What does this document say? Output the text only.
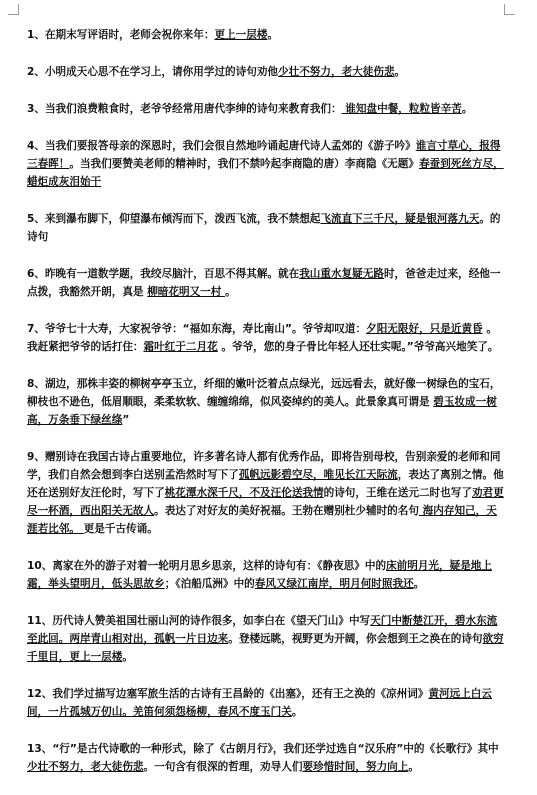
1、在期末写评语时，老师会祝你来年：更上一层楼。

2、小明成天心思不在学习上，请你用学过的诗句劝他少壮不努力，老大徒伤悲。

3、当我们浪费粮食时，老爷爷经常用唐代李绅的诗句来教育我们： 谁知盘中餐，粒粒皆辛苦。

4、当我们要报答母亲的深恩时，我们会很自然地吟诵起唐代诗人孟郊的《游子吟》谁言寸草心，报得三春晖！。当我们要赞美老师的精神时，我们不禁吟起李商隐的唐）李商隐《无题》春蚕到死丝方尽，蜡炬成灰泪始干

5、来到瀑布脚下，仰望瀑布倾泻而下，泼西飞流，我不禁想起飞流直下三千尺，疑是银河落九天。的诗句

6、昨晚有一道数学题，我绞尽脑汁，百思不得其解。就在我山重水复疑无路时，爸爸走过来，经他一点拨，我豁然开朗，真是 柳暗花明又一村 。

7、爷爷七十大寿，大家祝爷爷：“福如东海，寿比南山”。爷爷却叹道：夕阳无限好，只是近黄昏 。我赶紧把爷爷的话打住：霜叶红于二月花 。爷爷，您的身子骨比年轻人还壮实呢。”爷爷高兴地笑了。

8、湖边，那株丰姿的柳树亭亭玉立，纤细的嫩叶泛着点点绿光，远远看去，就好像一树绿色的宝石，柳枝也不逊色，低眉顺眼，柔柔软软、缠缠绵绵，似风姿绰约的美人。此景象真可谓是 碧玉妆成一树高，万条垂下绿丝绦”

9、赠别诗在我国古诗占重要地位，许多著名诗人都有优秀作品，即将告别母校，告别亲爱的老师和同学，我们自然会想到李白送别孟浩然时写下了孤帆远影碧空尽，唯见长江天际流，表达了离别之情。他还在送别好友汪伦时，写下了桃花潭水深千尺，不及汪伦送我情的诗句，王维在送元二时也写了劝君更尽一杯酒，西出阳关无故人。表达了对好友的美好祝福。王勃在赠别杜少辅时的名句 海内存知己，天涯若比邻。 更是千古传诵。

10、离家在外的游子对着一轮明月思乡思亲，这样的诗句有：《静夜思》中的床前明月光，疑是地上霜，举头望明月，低头思故乡；《泊船瓜洲》中的春风又绿江南岸，明月何时照我还。

11、历代诗人赞美祖国壮丽山河的诗作很多，如李白在《望天门山》中写天门中断楚江开，碧水东流至此回。两岸青山相对出，孤帆一片日边来。登楼远眺，视野更为开阔，你会想到王之涣在的诗句欲穷千里目，更上一层楼。

12、我们学过描写边塞军旅生活的古诗有王昌龄的《出塞》，还有王之涣的《凉州词》黄河远上白云间，一片孤城万仞山。羌笛何须怨杨柳，春风不度玉门关。

13、“行”是古代诗歌的一种形式，除了《古朗月行》，我们还学过选自“汉乐府”中的《长歌行》其中少壮不努力，老大徒伤悲。一句含有很深的哲理，劝导人们要珍惜时间，努力向上。
